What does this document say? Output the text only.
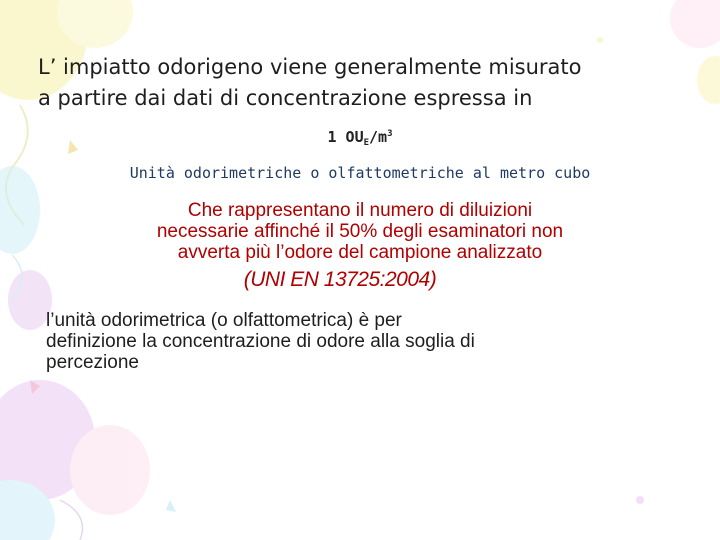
L’ impiatto odorigeno viene generalmente misurato
a partire dai dati di concentrazione espressa in
1 $OU_E/m^3$
Unità odorimetriche o olfattometriche al metro cubo
Che rappresentano il numero di diluizioni
necessarie affinché il 50% degli esaminatori non
avverta più l’odore del campione analizzato
(UNI EN 13725:2004)
l’unità odorimetrica (o olfattometrica) è per
definizione la concentrazione di odore alla soglia di
percezione
